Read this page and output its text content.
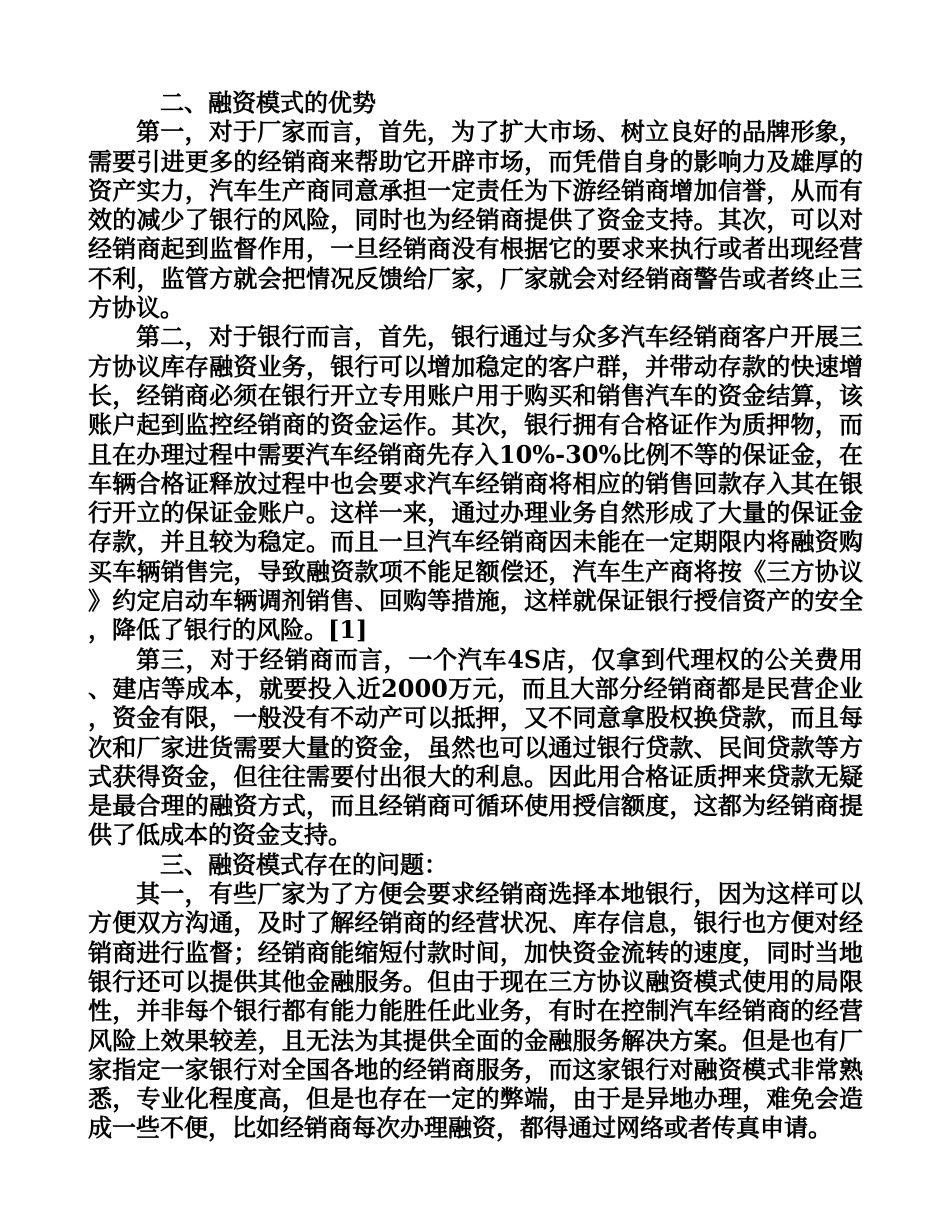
二、融资模式的优势

第一，对于厂家而言，首先，为了扩大市场、树立良好的品牌形象，需要引进更多的经销商来帮助它开辟市场，而凭借自身的影响力及雄厚的资产实力，汽车生产商同意承担一定责任为下游经销商增加信誉，从而有效的减少了银行的风险，同时也为经销商提供了资金支持。其次，可以对经销商起到监督作用，一旦经销商没有根据它的要求来执行或者出现经营不利，监管方就会把情况反馈给厂家，厂家就会对经销商警告或者终止三方协议。

第二，对于银行而言，首先，银行通过与众多汽车经销商客户开展三方协议库存融资业务，银行可以增加稳定的客户群，并带动存款的快速增长，经销商必须在银行开立专用账户用于购买和销售汽车的资金结算，该账户起到监控经销商的资金运作。其次，银行拥有合格证作为质押物，而且在办理过程中需要汽车经销商先存入10%-30%比例不等的保证金，在车辆合格证释放过程中也会要求汽车经销商将相应的销售回款存入其在银行开立的保证金账户。这样一来，通过办理业务自然形成了大量的保证金存款，并且较为稳定。而且一旦汽车经销商因未能在一定期限内将融资购买车辆销售完，导致融资款项不能足额偿还，汽车生产商将按《三方协议》约定启动车辆调剂销售、回购等措施，这样就保证银行授信资产的安全，降低了银行的风险。[1]

第三，对于经销商而言，一个汽车4S店，仅拿到代理权的公关费用、建店等成本，就要投入近2000万元，而且大部分经销商都是民营企业，资金有限，一般没有不动产可以抵押，又不同意拿股权换贷款，而且每次和厂家进货需要大量的资金，虽然也可以通过银行贷款、民间贷款等方式获得资金，但往往需要付出很大的利息。因此用合格证质押来贷款无疑是最合理的融资方式，而且经销商可循环使用授信额度，这都为经销商提供了低成本的资金支持。

三、融资模式存在的问题：

其一，有些厂家为了方便会要求经销商选择本地银行，因为这样可以方便双方沟通，及时了解经销商的经营状况、库存信息，银行也方便对经销商进行监督；经销商能缩短付款时间，加快资金流转的速度，同时当地银行还可以提供其他金融服务。但由于现在三方协议融资模式使用的局限性，并非每个银行都有能力能胜任此业务，有时在控制汽车经销商的经营风险上效果较差，且无法为其提供全面的金融服务解决方案。但是也有厂家指定一家银行对全国各地的经销商服务，而这家银行对融资模式非常熟悉，专业化程度高，但是也存在一定的弊端，由于是异地办理，难免会造成一些不便，比如经销商每次办理融资，都得通过网络或者传真申请。
